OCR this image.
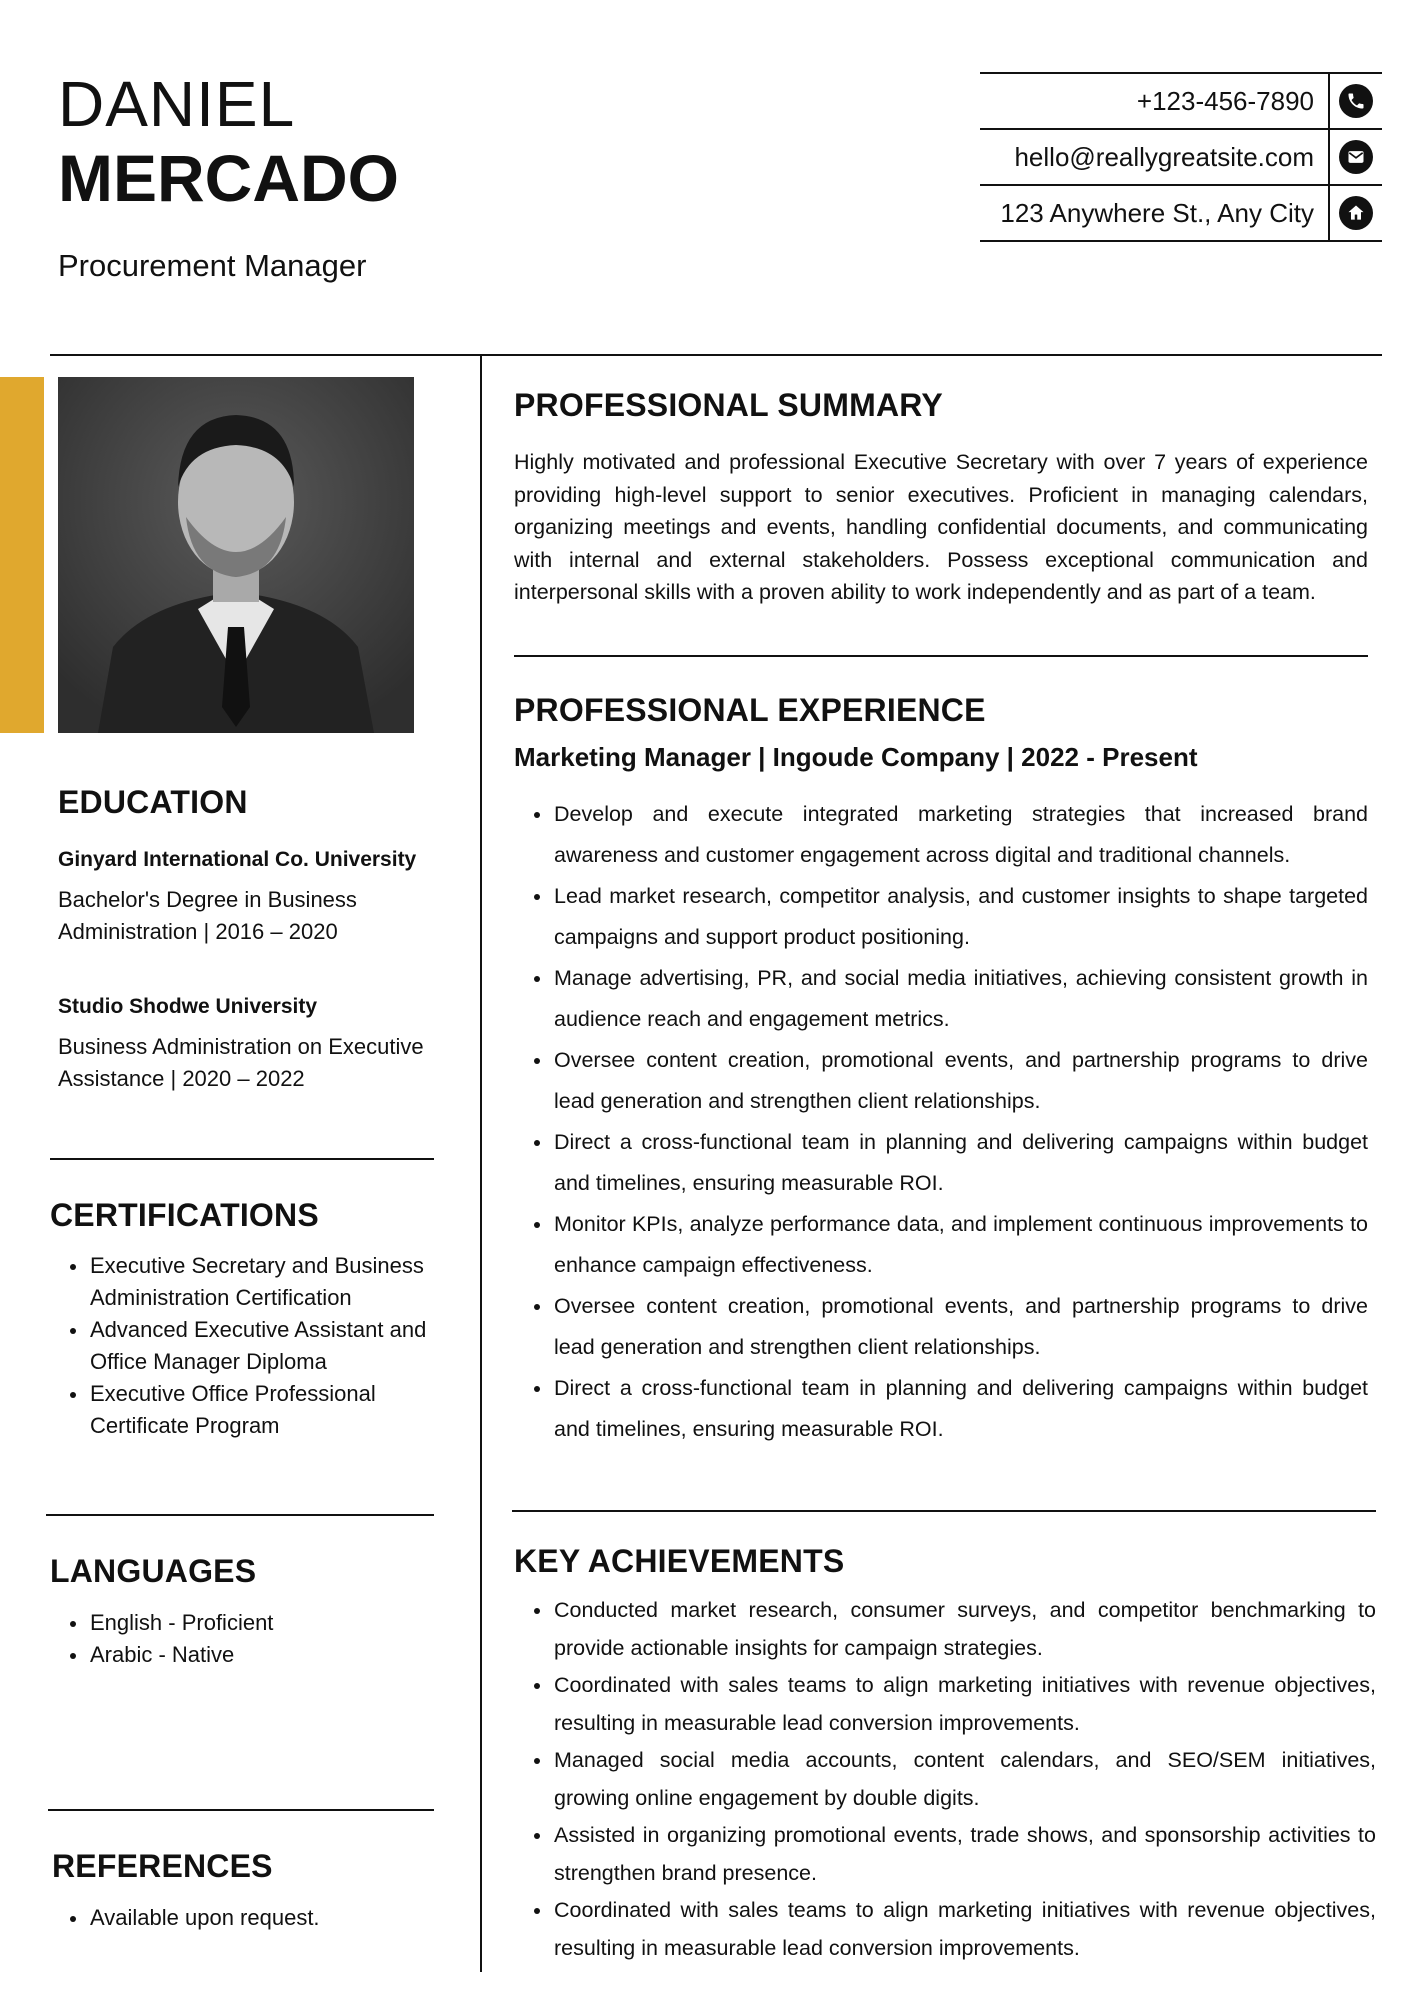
DANIEL
MERCADO
Procurement Manager
+123-456-7890
hello@reallygreatsite.com
123 Anywhere St., Any City
EDUCATION
Ginyard International Co. University
Bachelor's Degree in Business Administration | 2016 – 2020
Studio Shodwe University
Business Administration on Executive Assistance | 2020 – 2022
CERTIFICATIONS
Executive Secretary and Business Administration Certification
Advanced Executive Assistant and Office Manager Diploma
Executive Office Professional Certificate Program
LANGUAGES
English - Proficient
Arabic - Native
REFERENCES
Available upon request.
PROFESSIONAL SUMMARY
Highly motivated and professional Executive Secretary with over 7 years of experience providing high-level support to senior executives. Proficient in managing calendars, organizing meetings and events, handling confidential documents, and communicating with internal and external stakeholders. Possess exceptional communication and interpersonal skills with a proven ability to work independently and as part of a team.
PROFESSIONAL EXPERIENCE
Marketing Manager | Ingoude Company | 2022 - Present
Develop and execute integrated marketing strategies that increased brand awareness and customer engagement across digital and traditional channels.
Lead market research, competitor analysis, and customer insights to shape targeted campaigns and support product positioning.
Manage advertising, PR, and social media initiatives, achieving consistent growth in audience reach and engagement metrics.
Oversee content creation, promotional events, and partnership programs to drive lead generation and strengthen client relationships.
Direct a cross-functional team in planning and delivering campaigns within budget and timelines, ensuring measurable ROI.
Monitor KPIs, analyze performance data, and implement continuous improvements to enhance campaign effectiveness.
Oversee content creation, promotional events, and partnership programs to drive lead generation and strengthen client relationships.
Direct a cross-functional team in planning and delivering campaigns within budget and timelines, ensuring measurable ROI.
KEY ACHIEVEMENTS
Conducted market research, consumer surveys, and competitor benchmarking to provide actionable insights for campaign strategies.
Coordinated with sales teams to align marketing initiatives with revenue objectives, resulting in measurable lead conversion improvements.
Managed social media accounts, content calendars, and SEO/SEM initiatives, growing online engagement by double digits.
Assisted in organizing promotional events, trade shows, and sponsorship activities to strengthen brand presence.
Coordinated with sales teams to align marketing initiatives with revenue objectives, resulting in measurable lead conversion improvements.
